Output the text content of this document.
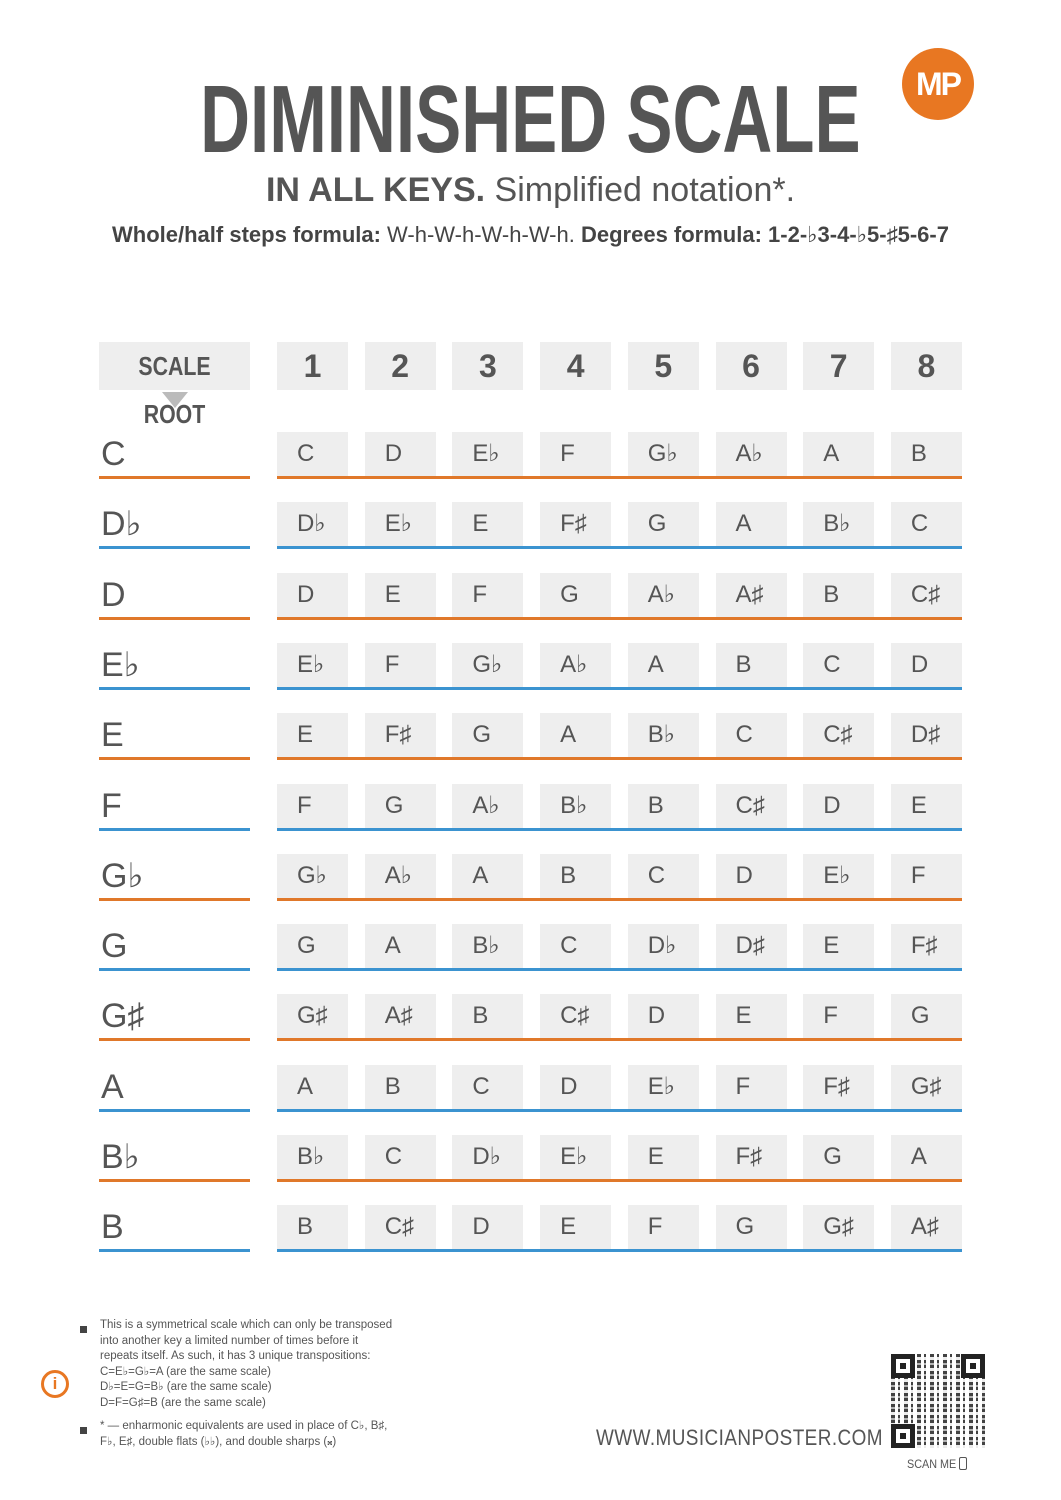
DIMINISHED SCALE	MP
IN ALL KEYS. Simplified notation*.
Whole/half steps formula: W-h-W-h-W-h-W-h. Degrees formula: 1-2-♭3-4-♭5-♯5-6-7
SCALE ROOT
1	2	3	4	5	6	7	8
C	C	D	E♭	F	G♭	A♭	A	B
D♭	D♭	E♭	E	F♯	G	A	B♭	C
D	D	E	F	G	A♭	A♯	B	C♯
E♭	E♭	F	G♭	A♭	A	B	C	D
E	E	F♯	G	A	B♭	C	C♯	D♯
F	F	G	A♭	B♭	B	C♯	D	E
G♭	G♭	A♭	A	B	C	D	E♭	F
G	G	A	B♭	C	D♭	D♯	E	F♯
G♯	G♯	A♯	B	C♯	D	E	F	G
A	A	B	C	D	E♭	F	F♯	G♯
B♭	B♭	C	D♭	E♭	E	F♯	G	A
B	B	C♯	D	E	F	G	G♯	A♯
i
This is a symmetrical scale which can only be transposed
into another key a limited number of times before it
repeats itself. As such, it has 3 unique transpositions:
C=E♭=G♭=A (are the same scale)
D♭=E=G=B♭ (are the same scale)
D=F=G♯=B (are the same scale)
* — enharmonic equivalents are used in place of C♭, B♯,
F♭, E♯, double flats (♭♭), and double sharps (𝄪)	WWW.MUSICIANPOSTER.COM
SCAN ME
